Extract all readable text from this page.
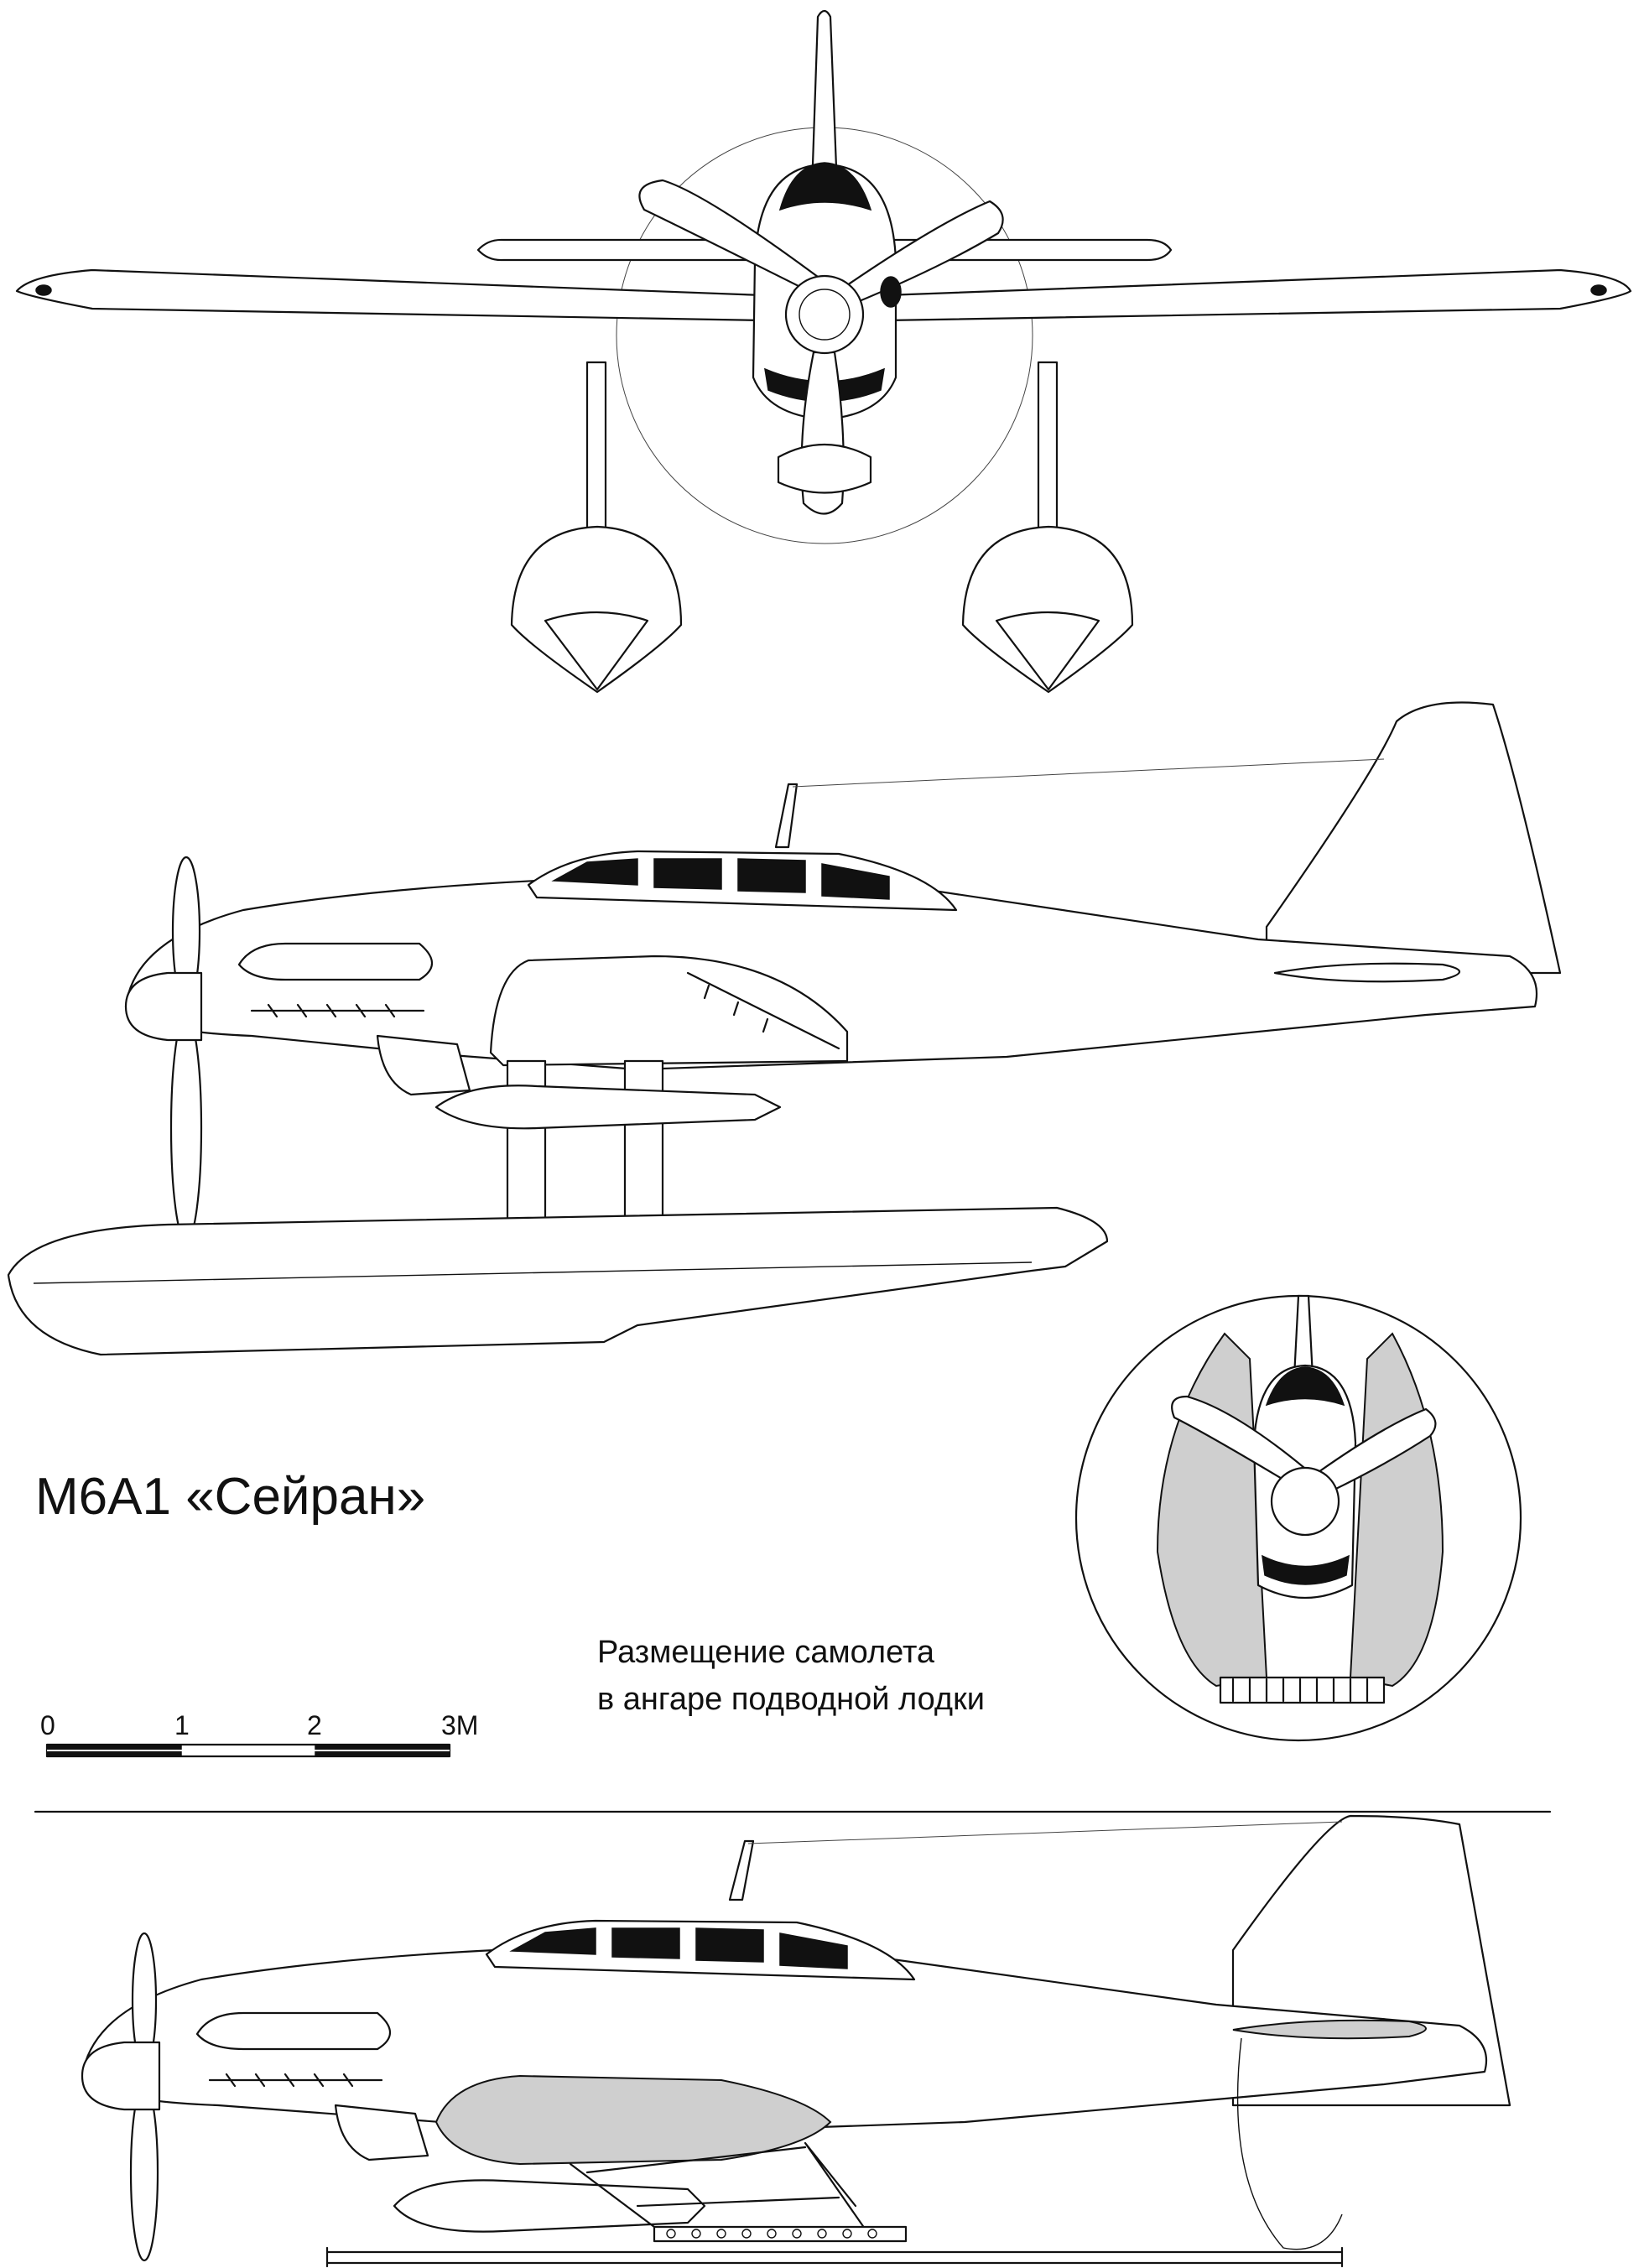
M6A1 «Сейран»
Размещение самолета
в ангаре подводной лодки
0	1	2	3M
